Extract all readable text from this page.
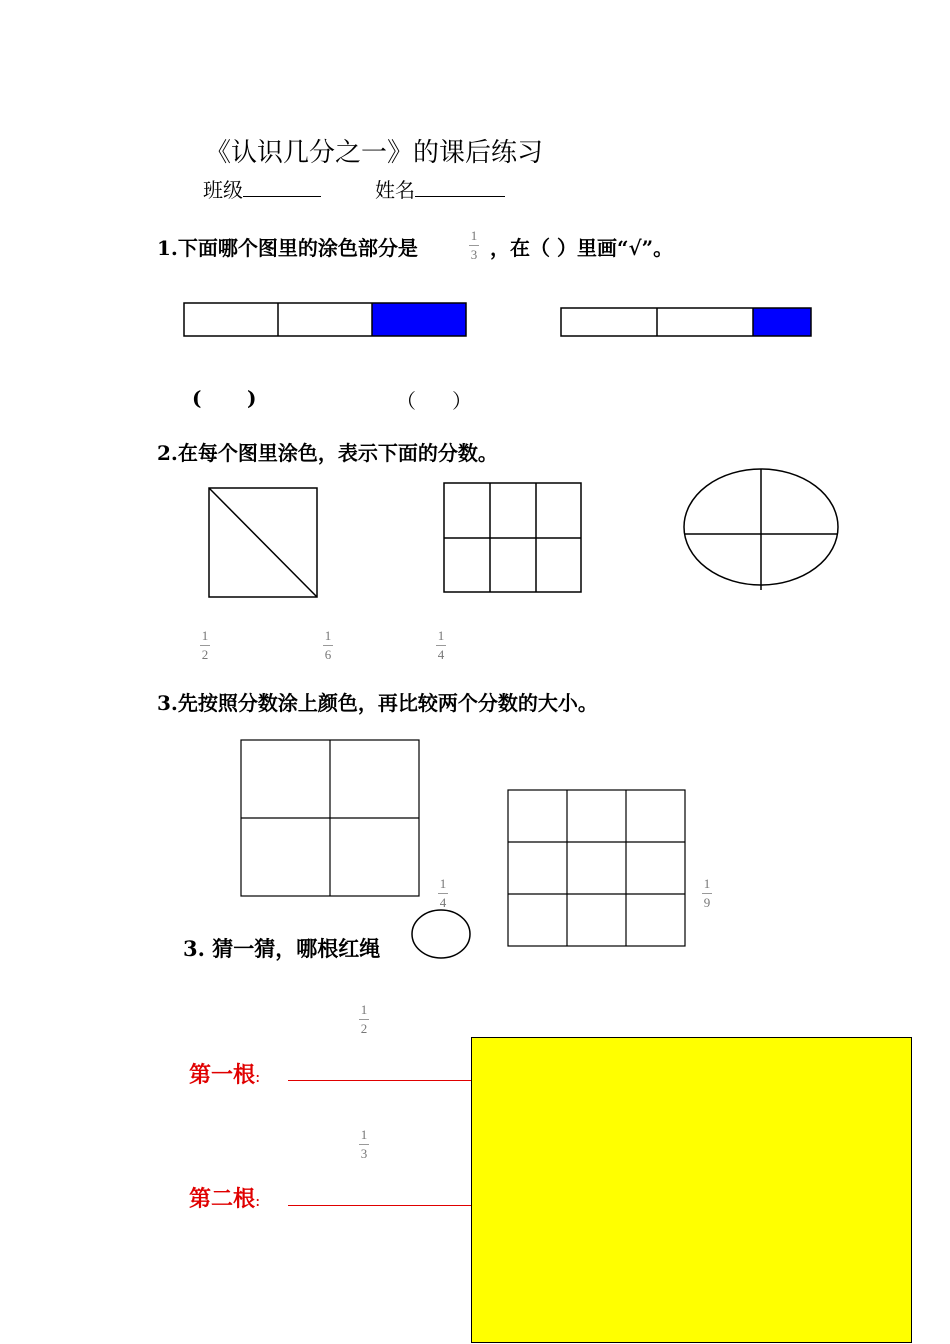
《认识几分之一》的课后练习
班级	姓名
1.下面哪个图里的涂色部分是
1
3 ，在（ ）里画“√”。
( )	（ ）
2.在每个图里涂色，表示下面的分数。
1
2
1
6
1
4
3.先按照分数涂上颜色，再比较两个分数的大小。
1
4
1
9
3. 猜一猜，哪根红绳
1
2
第一根:
1
3
第二根:
